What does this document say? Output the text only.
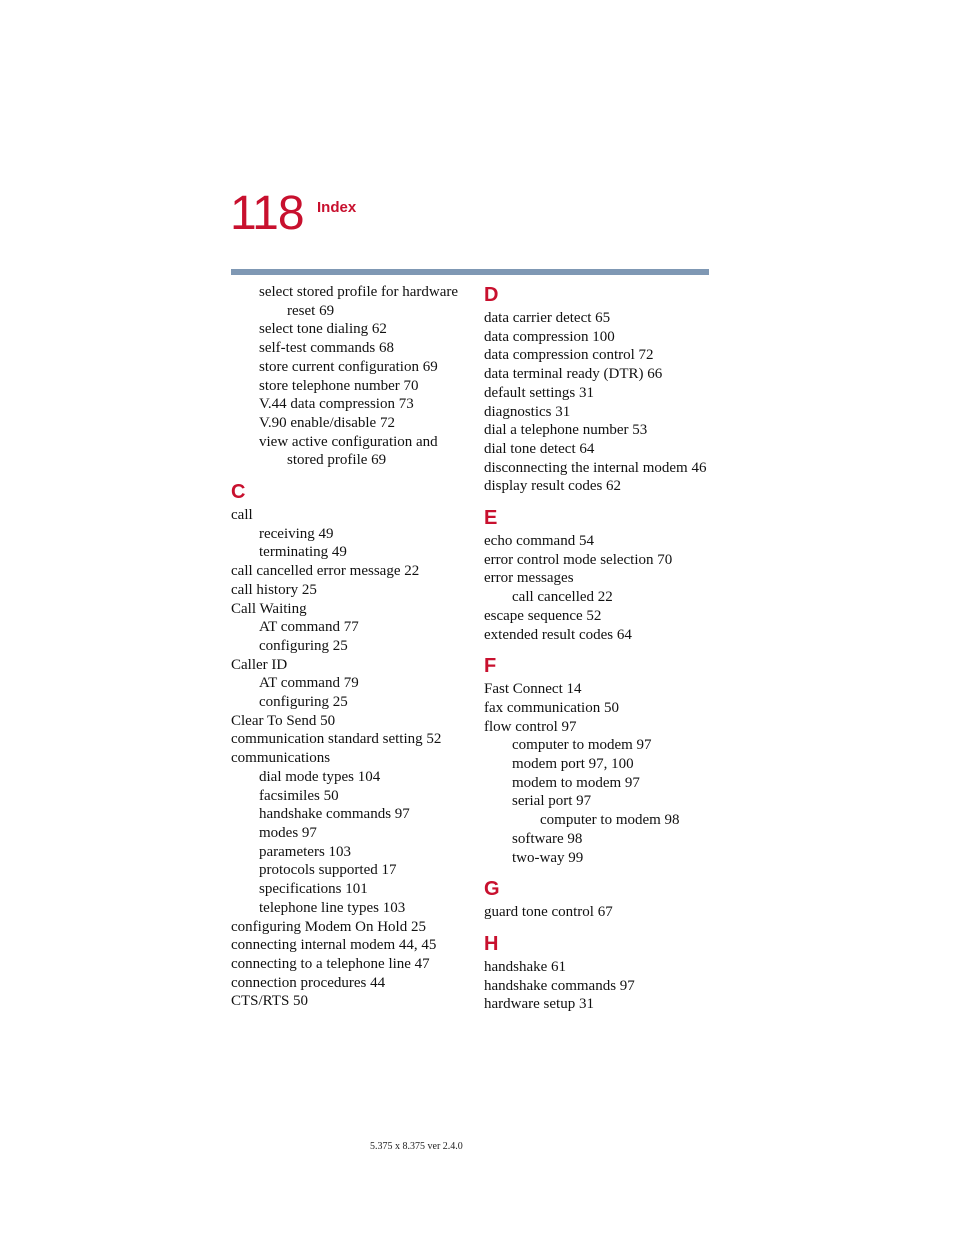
118 Index
select stored profile for hardware
reset 69
select tone dialing 62
self-test commands 68
store current configuration 69
store telephone number 70
V.44 data compression 73
V.90 enable/disable 72
view active configuration and
stored profile 69
C
call
receiving 49
terminating 49
call cancelled error message 22
call history 25
Call Waiting
AT command 77
configuring 25
Caller ID
AT command 79
configuring 25
Clear To Send 50
communication standard setting 52
communications
dial mode types 104
facsimiles 50
handshake commands 97
modes 97
parameters 103
protocols supported 17
specifications 101
telephone line types 103
configuring Modem On Hold 25
connecting internal modem 44, 45
connecting to a telephone line 47
connection procedures 44
CTS/RTS 50
D
data carrier detect 65
data compression 100
data compression control 72
data terminal ready (DTR) 66
default settings 31
diagnostics 31
dial a telephone number 53
dial tone detect 64
disconnecting the internal modem 46
display result codes 62
E
echo command 54
error control mode selection 70
error messages
call cancelled 22
escape sequence 52
extended result codes 64
F
Fast Connect 14
fax communication 50
flow control 97
computer to modem 97
modem port 97, 100
modem to modem 97
serial port 97
computer to modem 98
software 98
two-way 99
G
guard tone control 67
H
handshake 61
handshake commands 97
hardware setup 31
5.375 x 8.375 ver 2.4.0
